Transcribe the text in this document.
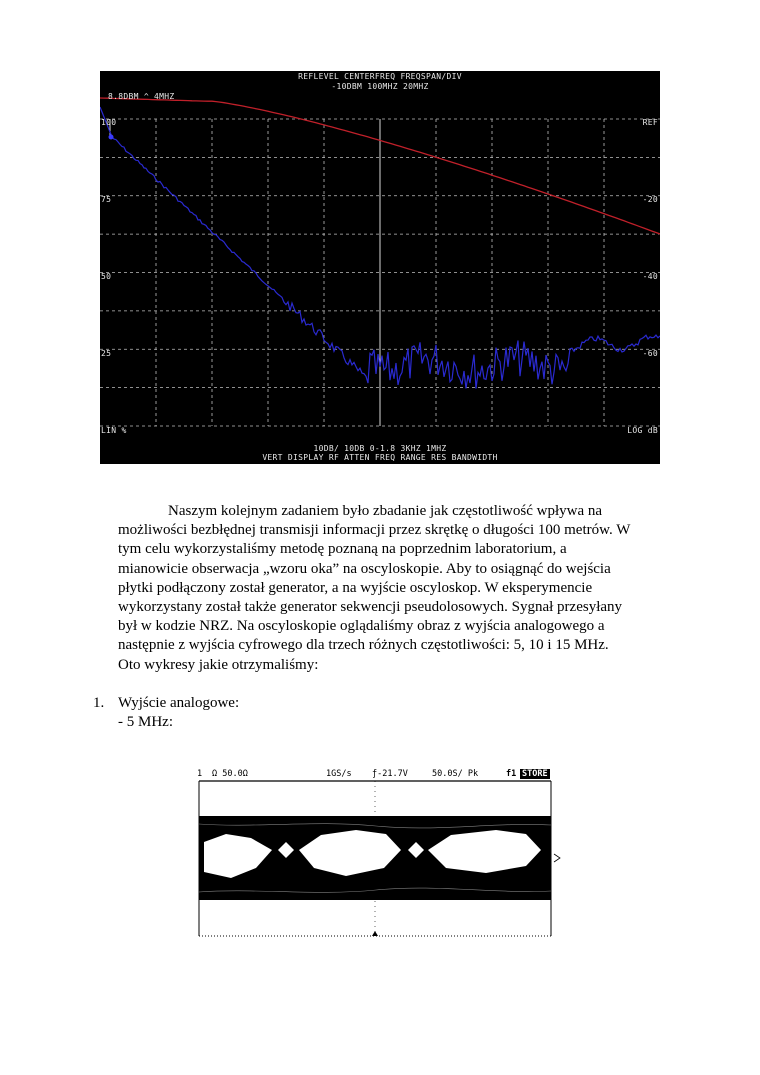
REFLEVEL CENTERFREQ FREQSPAN/DIV
-10DBM 100MHZ 20MHZ
8.8DBM ^ 4MHZ
100
75
50
25
LIN %
REF
-20
-40
-60
LOG dB
10DB/ 10DB 0-1.8 3KHZ 1MHZ
VERT DISPLAY RF ATTEN FREQ RANGE RES BANDWIDTH

Naszym kolejnym zadaniem było zbadanie jak częstotliwość wpływa na

możliwości bezbłędnej transmisji informacji przez skrętkę o długości 100 metrów. W

tym celu wykorzystaliśmy metodę poznaną na poprzednim laboratorium, a

mianowicie obserwacja „wzoru oka” na oscyloskopie. Aby to osiągnąć do wejścia

płytki podłączony został generator, a na wyjście oscyloskop. W eksperymencie

wykorzystany został także generator sekwencji pseudolosowych. Sygnał przesyłany

był w kodzie NRZ. Na oscyloskopie oglądaliśmy obraz z wyjścia analogowego a

następnie z wyjścia cyfrowego dla trzech różnych częstotliwości: 5, 10 i 15 MHz.

Oto wykresy jakie otrzymaliśmy:

1. Wyjście analogowe:
- 5 MHz:
1 Ω 50.0Ω	1GS/s ƒ-21.7V	50.0S/ Pk	f1 STORE
